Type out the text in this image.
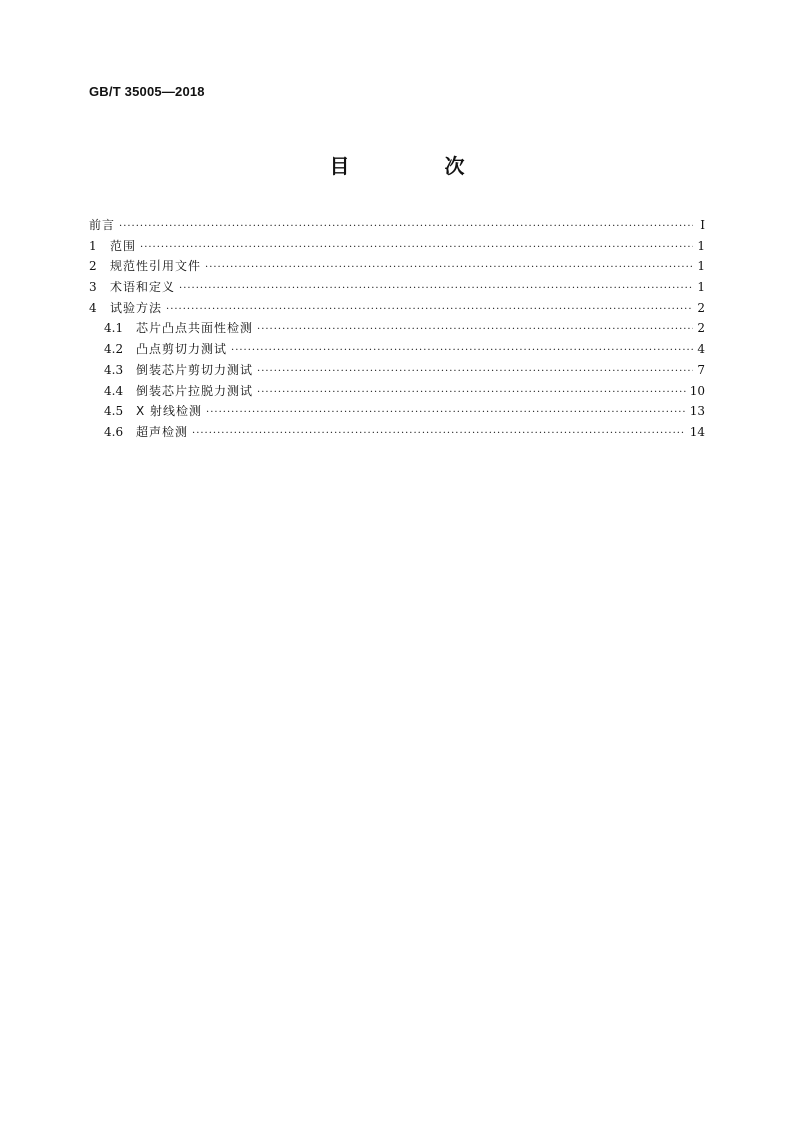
GB/T 35005—2018
目 次
前言 ·····	Ⅰ
1	范围 ·····	1
2	规范性引用文件 ·····	1
3	术语和定义 ·····	1
4	试验方法 ·····	2
4.1	芯片凸点共面性检测 ·····	2
4.2	凸点剪切力测试 ·····	4
4.3	倒装芯片剪切力测试 ·····	7
4.4	倒装芯片拉脱力测试 ·····	10
4.5	X 射线检测 ·····	13
4.6	超声检测 ·····	14
